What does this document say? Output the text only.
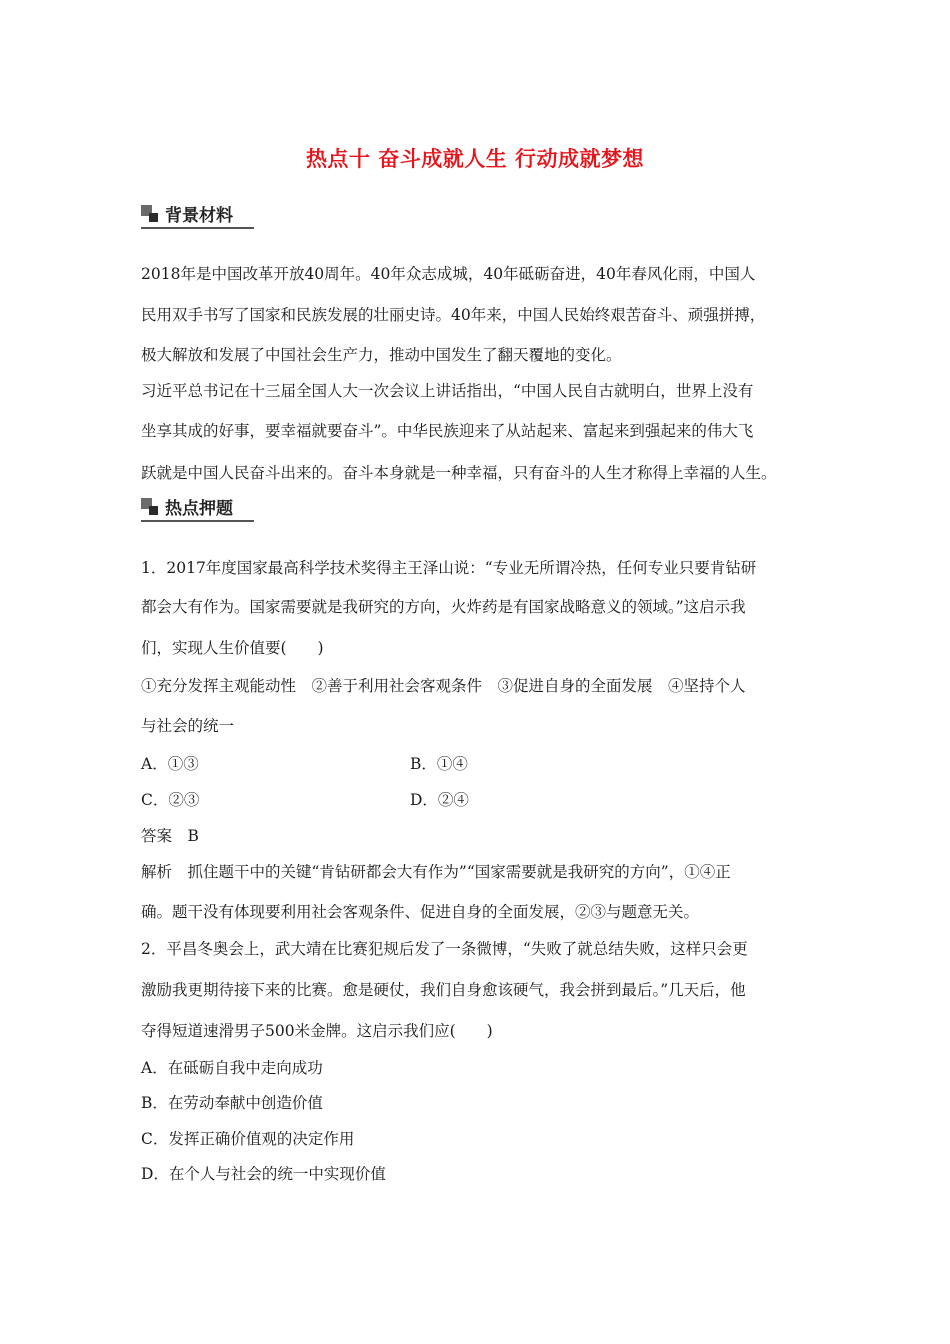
热点十 奋斗成就人生 行动成就梦想
背景材料
2018年是中国改革开放40周年。40年众志成城，40年砥砺奋进，40年春风化雨，中国人
民用双手书写了国家和民族发展的壮丽史诗。40年来，中国人民始终艰苦奋斗、顽强拼搏，
极大解放和发展了中国社会生产力，推动中国发生了翻天覆地的变化。
习近平总书记在十三届全国人大一次会议上讲话指出，“中国人民自古就明白，世界上没有
坐享其成的好事，要幸福就要奋斗”。中华民族迎来了从站起来、富起来到强起来的伟大飞
跃就是中国人民奋斗出来的。奋斗本身就是一种幸福，只有奋斗的人生才称得上幸福的人生。
热点押题
1．2017年度国家最高科学技术奖得主王泽山说：“专业无所谓冷热，任何专业只要肯钻研
都会大有作为。国家需要就是我研究的方向，火炸药是有国家战略意义的领域。”这启示我
们，实现人生价值要(　　)
①充分发挥主观能动性　②善于利用社会客观条件　③促进自身的全面发展　④坚持个人
与社会的统一
A．①③	B．①④
C．②③	D．②④
答案　B
解析　抓住题干中的关键“肯钻研都会大有作为”“国家需要就是我研究的方向”，①④正
确。题干没有体现要利用社会客观条件、促进自身的全面发展，②③与题意无关。
2．平昌冬奥会上，武大靖在比赛犯规后发了一条微博，“失败了就总结失败，这样只会更
激励我更期待接下来的比赛。愈是硬仗，我们自身愈该硬气，我会拼到最后。”几天后，他
夺得短道速滑男子500米金牌。这启示我们应(　　)
A．在砥砺自我中走向成功
B．在劳动奉献中创造价值
C．发挥正确价值观的决定作用
D．在个人与社会的统一中实现价值
